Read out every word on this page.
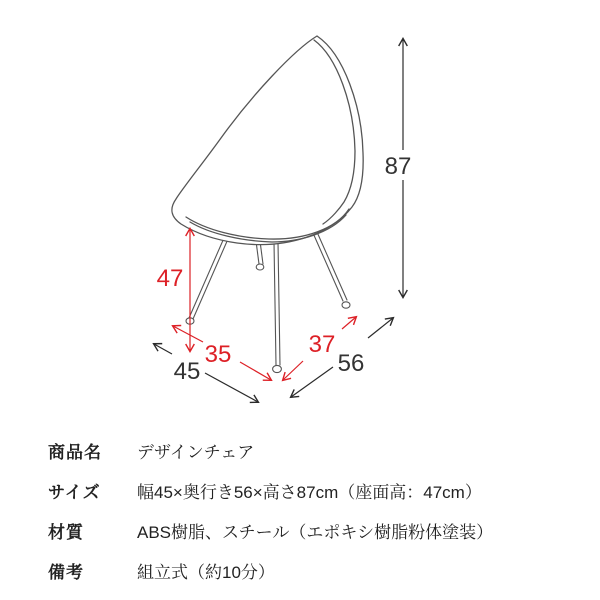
87
47
35	37
45	56
商品名	デザインチェア
サイズ	幅45×奥行き56×高さ87cm（座面高：47cm）
材質	ABS樹脂、スチール（エポキシ樹脂粉体塗装）
備考	組立式（約10分）
